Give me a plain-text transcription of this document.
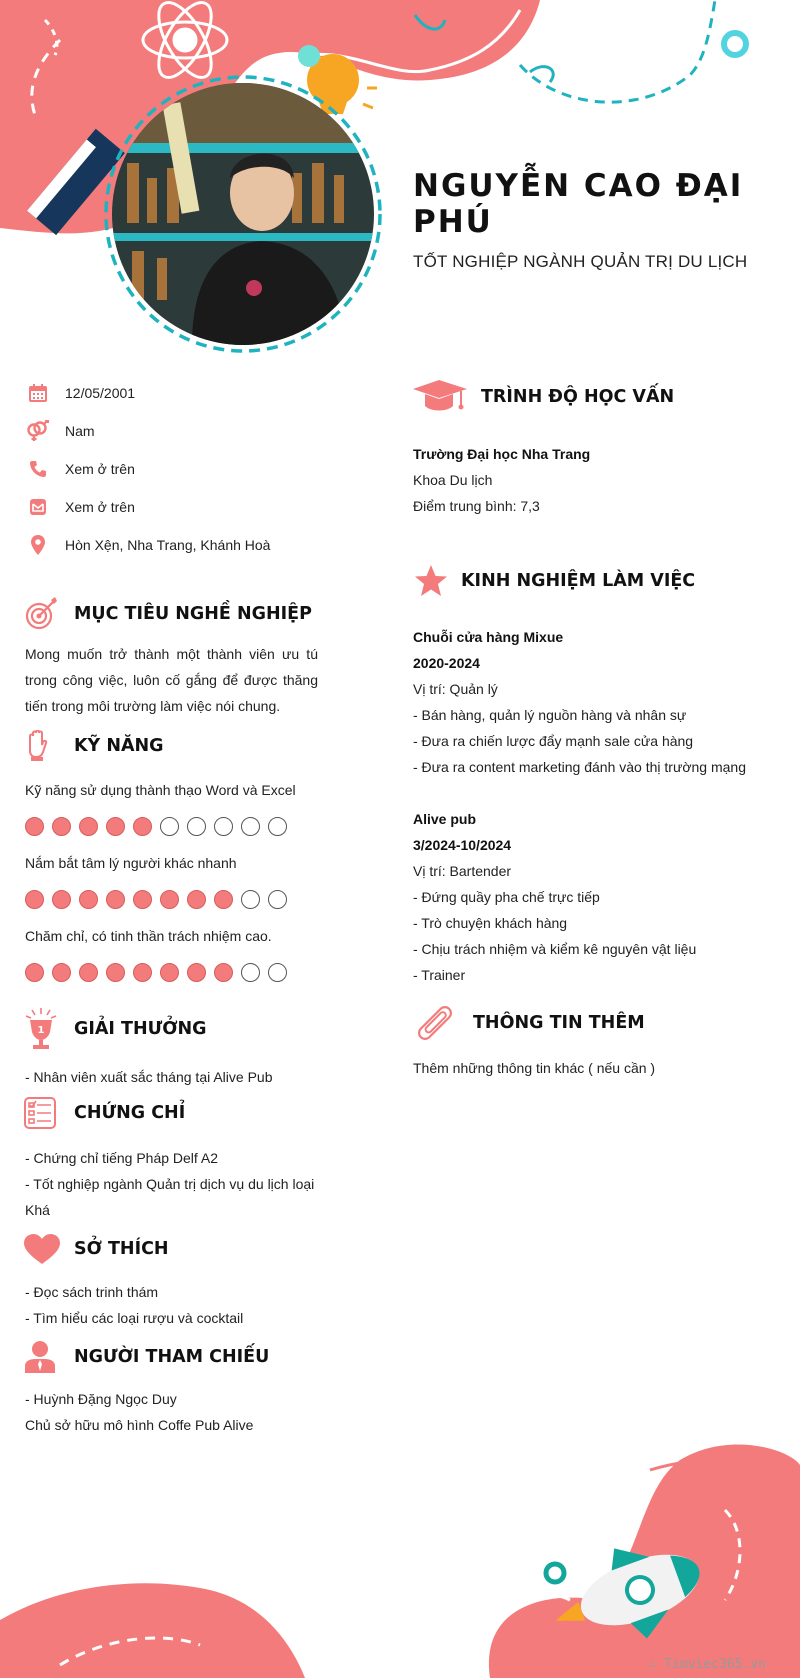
NGUYỄN CAO ĐẠI PHÚ
TỐT NGHIỆP NGÀNH QUẢN TRỊ DU LỊCH
12/05/2001
Nam
Xem ở trên
Xem ở trên
Hòn Xện, Nha Trang, Khánh Hoà
MỤC TIÊU NGHỀ NGHIỆP
Mong muốn trở thành một thành viên ưu tú trong công việc, luôn cố gắng để được thăng tiến trong môi trường làm việc nói chung.
KỸ NĂNG
Kỹ năng sử dụng thành thạo Word và Excel
Nắm bắt tâm lý người khác nhanh
Chăm chỉ, có tinh thần trách nhiệm cao.
1 GIẢI THƯỞNG
- Nhân viên xuất sắc tháng tại Alive Pub
CHỨNG CHỈ
- Chứng chỉ tiếng Pháp Delf A2
- Tốt nghiệp ngành Quản trị dịch vụ du lịch loại
Khá
SỞ THÍCH
- Đọc sách trinh thám
- Tìm hiểu các loại rượu và cocktail
NGƯỜI THAM CHIẾU
- Huỳnh Đặng Ngọc Duy
Chủ sở hữu mô hình Coffe Pub Alive
TRÌNH ĐỘ HỌC VẤN
Trường Đại học Nha Trang
Khoa Du lịch
Điểm trung bình: 7,3
KINH NGHIỆM LÀM VIỆC
Chuỗi cửa hàng Mixue
2020-2024
Vị trí: Quản lý
- Bán hàng, quản lý nguồn hàng và nhân sự
- Đưa ra chiến lược đẩy mạnh sale cửa hàng
- Đưa ra content marketing đánh vào thị trường mạng
Alive pub
3/2024-10/2024
Vị trí: Bartender
- Đứng quầy pha chế trực tiếp
- Trò chuyện khách hàng
- Chịu trách nhiệm và kiểm kê nguyên vật liệu
- Trainer
THÔNG TIN THÊM
Thêm những thông tin khác ( nếu cần )
∴ Timviec365.vn
